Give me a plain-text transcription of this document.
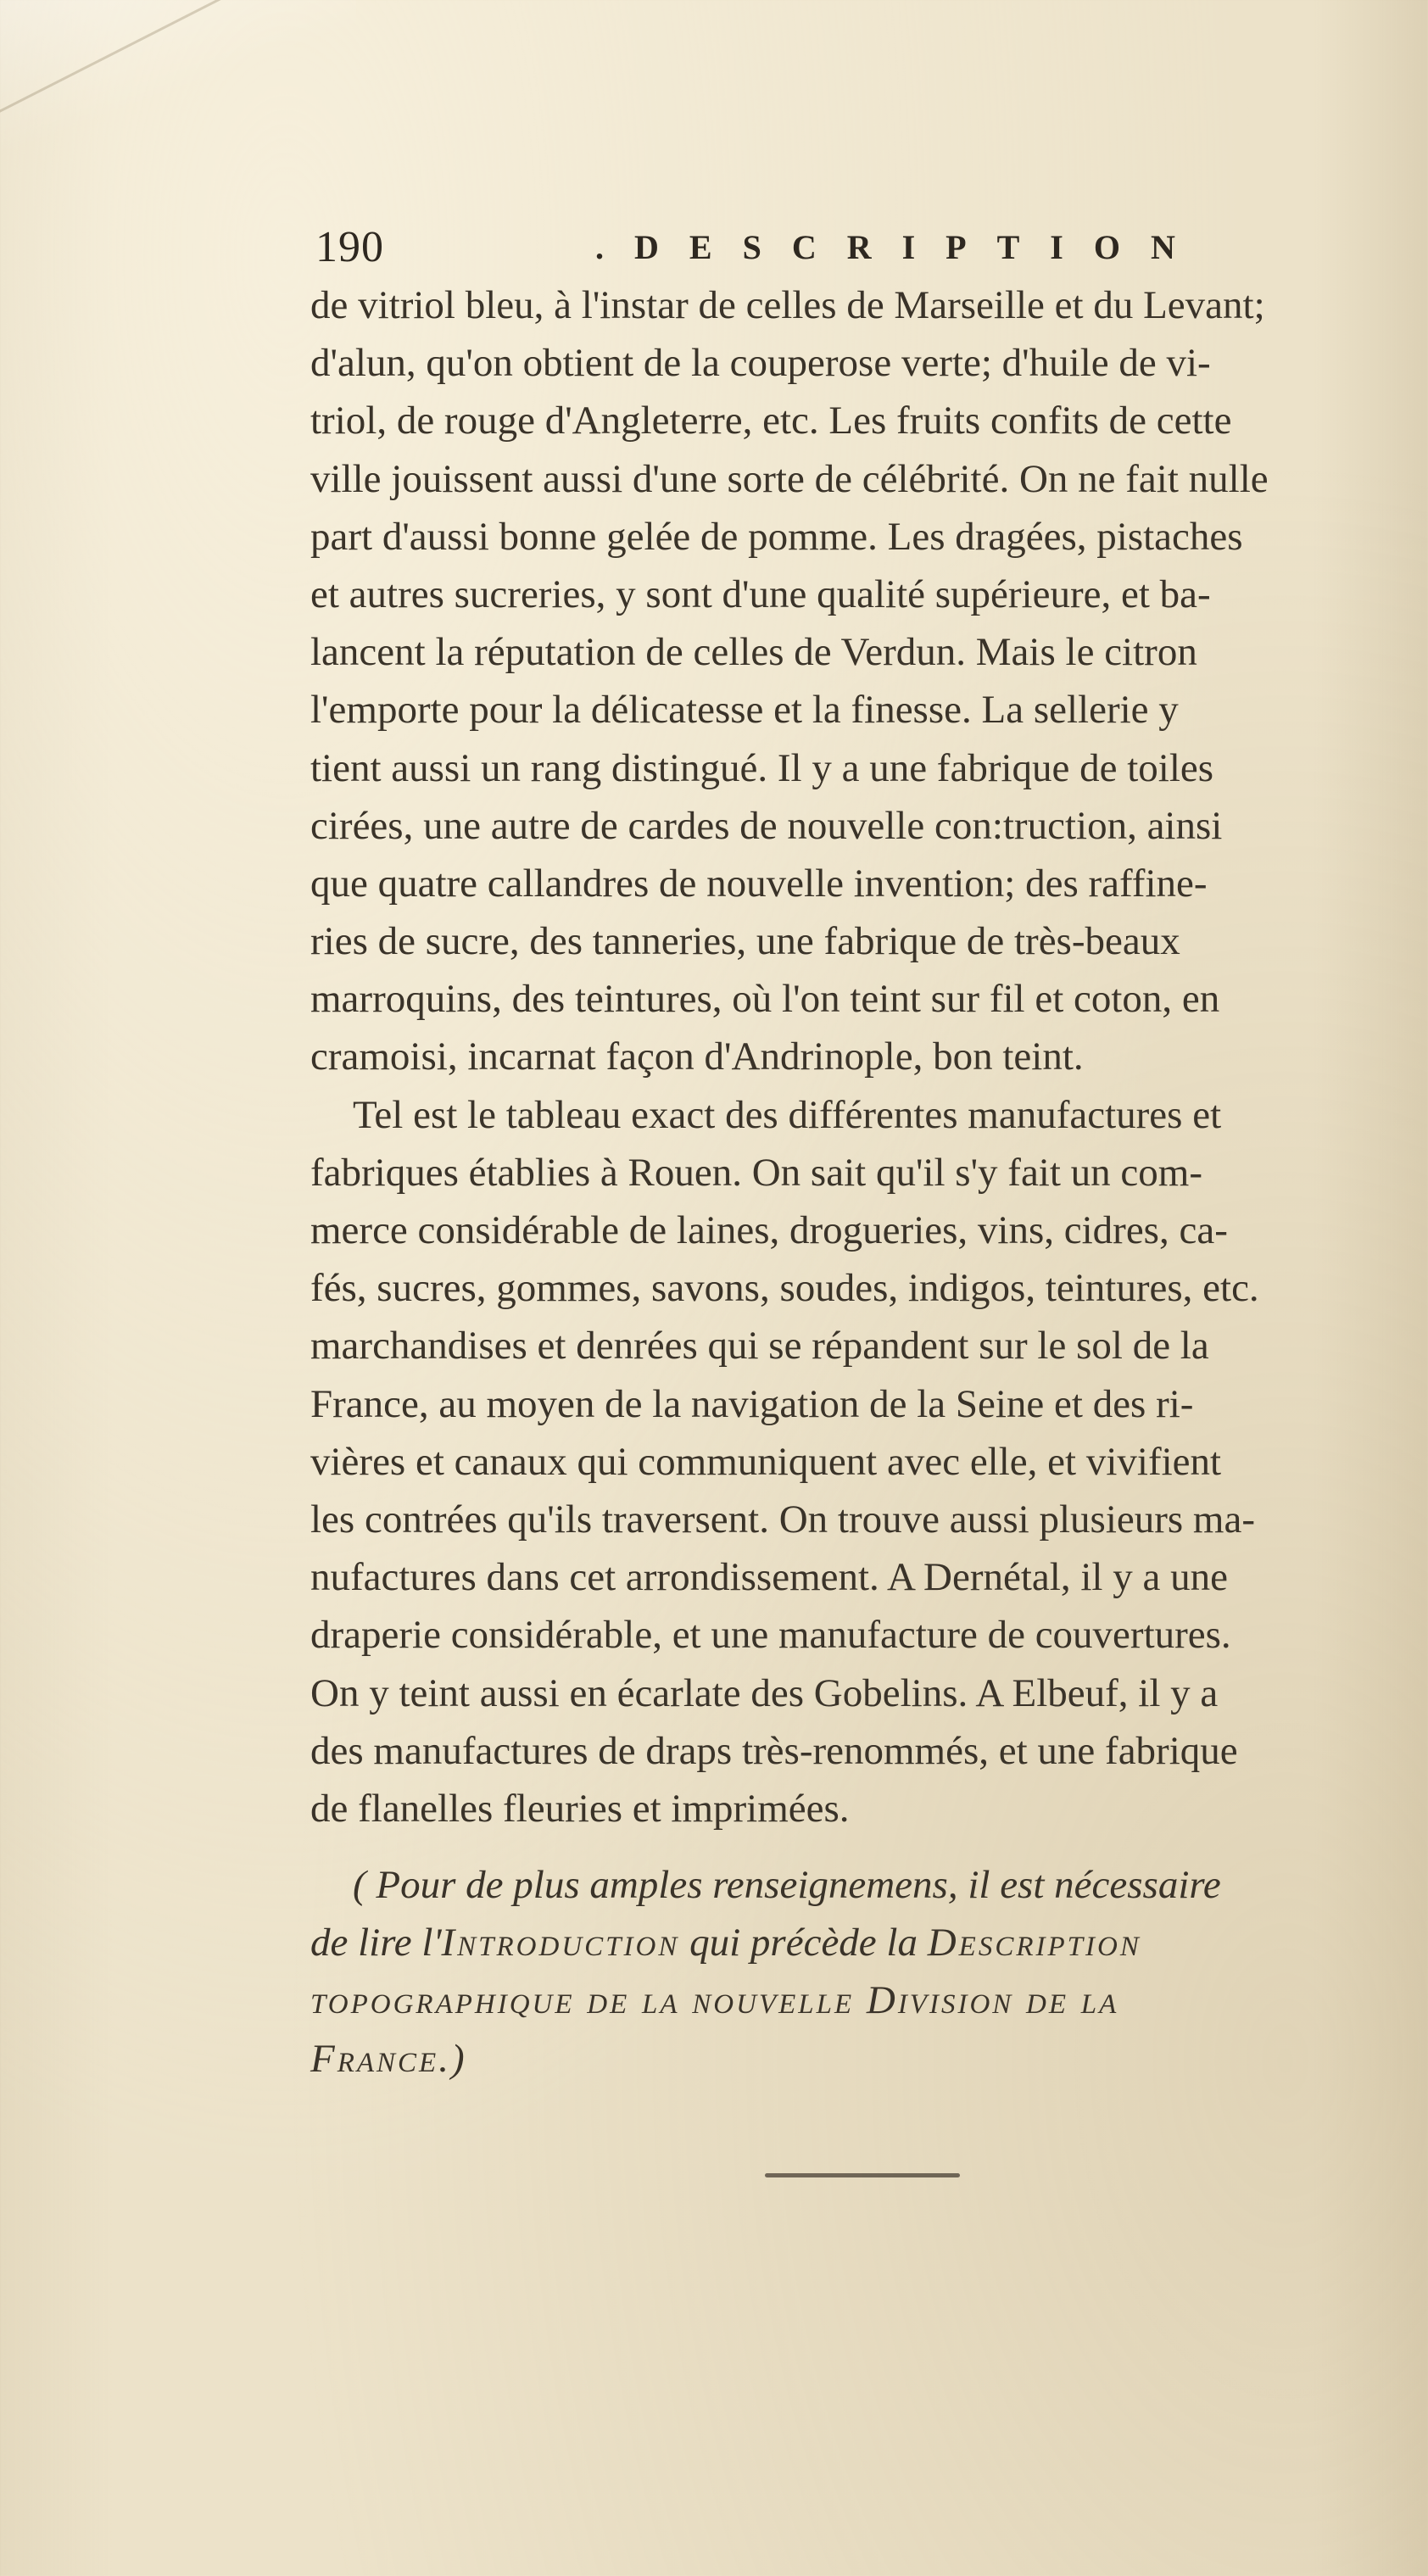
190	.DESCRIPTION
de vitriol bleu, à l'instar de celles de Marseille et du Levant;
d'alun, qu'on obtient de la couperose verte; d'huile de vi-
triol, de rouge d'Angleterre, etc. Les fruits confits de cette
ville jouissent aussi d'une sorte de célébrité. On ne fait nulle
part d'aussi bonne gelée de pomme. Les dragées, pistaches
et autres sucreries, y sont d'une qualité supérieure, et ba-
lancent la réputation de celles de Verdun. Mais le citron
l'emporte pour la délicatesse et la finesse. La sellerie y
tient aussi un rang distingué. Il y a une fabrique de toiles
cirées, une autre de cardes de nouvelle con:truction, ainsi
que quatre callandres de nouvelle invention; des raffine-
ries de sucre, des tanneries, une fabrique de très-beaux
marroquins, des teintures, où l'on teint sur fil et coton, en
cramoisi, incarnat façon d'Andrinople, bon teint.
Tel est le tableau exact des différentes manufactures et
fabriques établies à Rouen. On sait qu'il s'y fait un com-
merce considérable de laines, drogueries, vins, cidres, ca-
fés, sucres, gommes, savons, soudes, indigos, teintures, etc.
marchandises et denrées qui se répandent sur le sol de la
France, au moyen de la navigation de la Seine et des ri-
vières et canaux qui communiquent avec elle, et vivifient
les contrées qu'ils traversent. On trouve aussi plusieurs ma-
nufactures dans cet arrondissement. A Dernétal, il y a une
draperie considérable, et une manufacture de couvertures.
On y teint aussi en écarlate des Gobelins. A Elbeuf, il y a
des manufactures de draps très-renommés, et une fabrique
de flanelles fleuries et imprimées.
( Pour de plus amples renseignemens, il est nécessaire
de lire l'Introduction qui précède la Description
topographique de la nouvelle Division de la
France.)
